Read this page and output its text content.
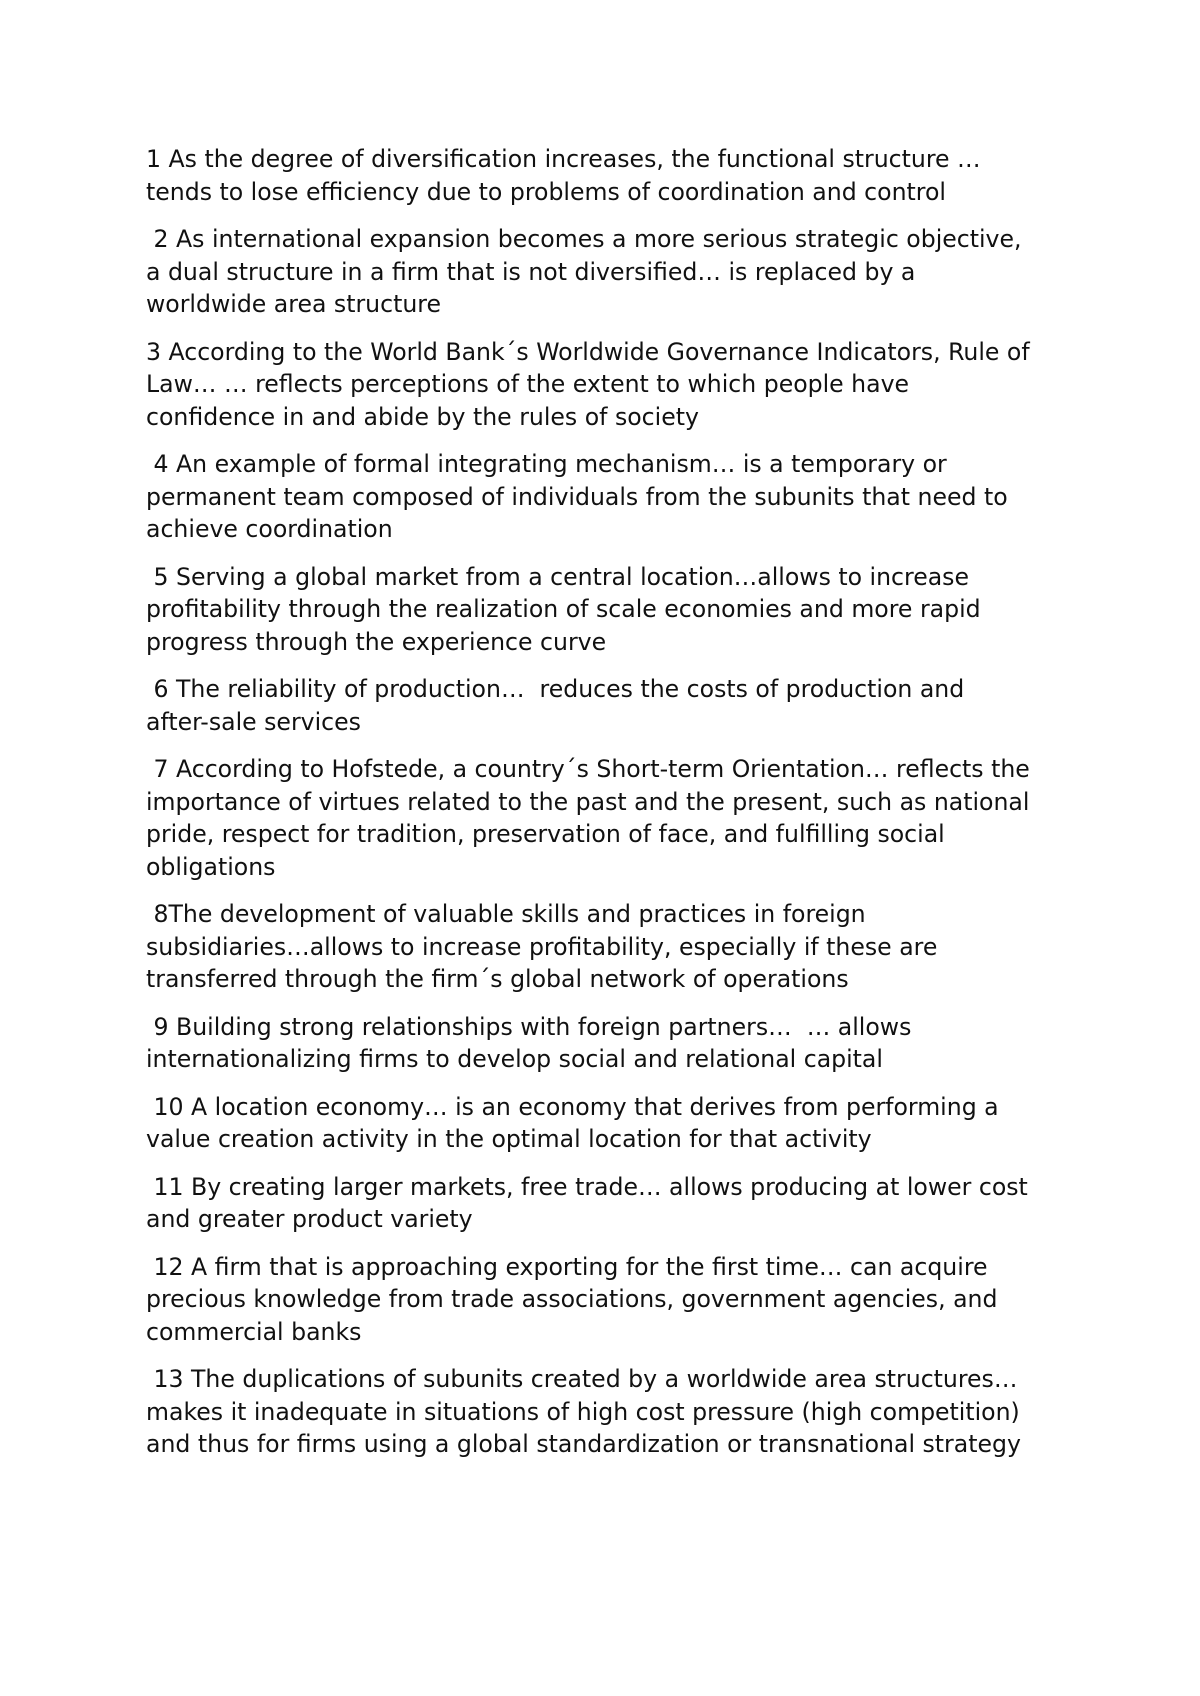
1 As the degree of diversification increases, the functional structure …
tends to lose efficiency due to problems of coordination and control

2 As international expansion becomes a more serious strategic objective,
a dual structure in a firm that is not diversified… is replaced by a
worldwide area structure

3 According to the World Bank´s Worldwide Governance Indicators, Rule of
Law… … reflects perceptions of the extent to which people have
confidence in and abide by the rules of society

4 An example of formal integrating mechanism… is a temporary or
permanent team composed of individuals from the subunits that need to
achieve coordination

5 Serving a global market from a central location…allows to increase
profitability through the realization of scale economies and more rapid
progress through the experience curve

6 The reliability of production…  reduces the costs of production and
after-sale services

7 According to Hofstede, a country´s Short-term Orientation… reflects the
importance of virtues related to the past and the present, such as national
pride, respect for tradition, preservation of face, and fulfilling social
obligations

8The development of valuable skills and practices in foreign
subsidiaries…allows to increase profitability, especially if these are
transferred through the firm´s global network of operations

9 Building strong relationships with foreign partners…  … allows
internationalizing firms to develop social and relational capital

10 A location economy… is an economy that derives from performing a
value creation activity in the optimal location for that activity

11 By creating larger markets, free trade… allows producing at lower cost
and greater product variety

12 A firm that is approaching exporting for the first time… can acquire
precious knowledge from trade associations, government agencies, and
commercial banks

13 The duplications of subunits created by a worldwide area structures…
makes it inadequate in situations of high cost pressure (high competition)
and thus for firms using a global standardization or transnational strategy
